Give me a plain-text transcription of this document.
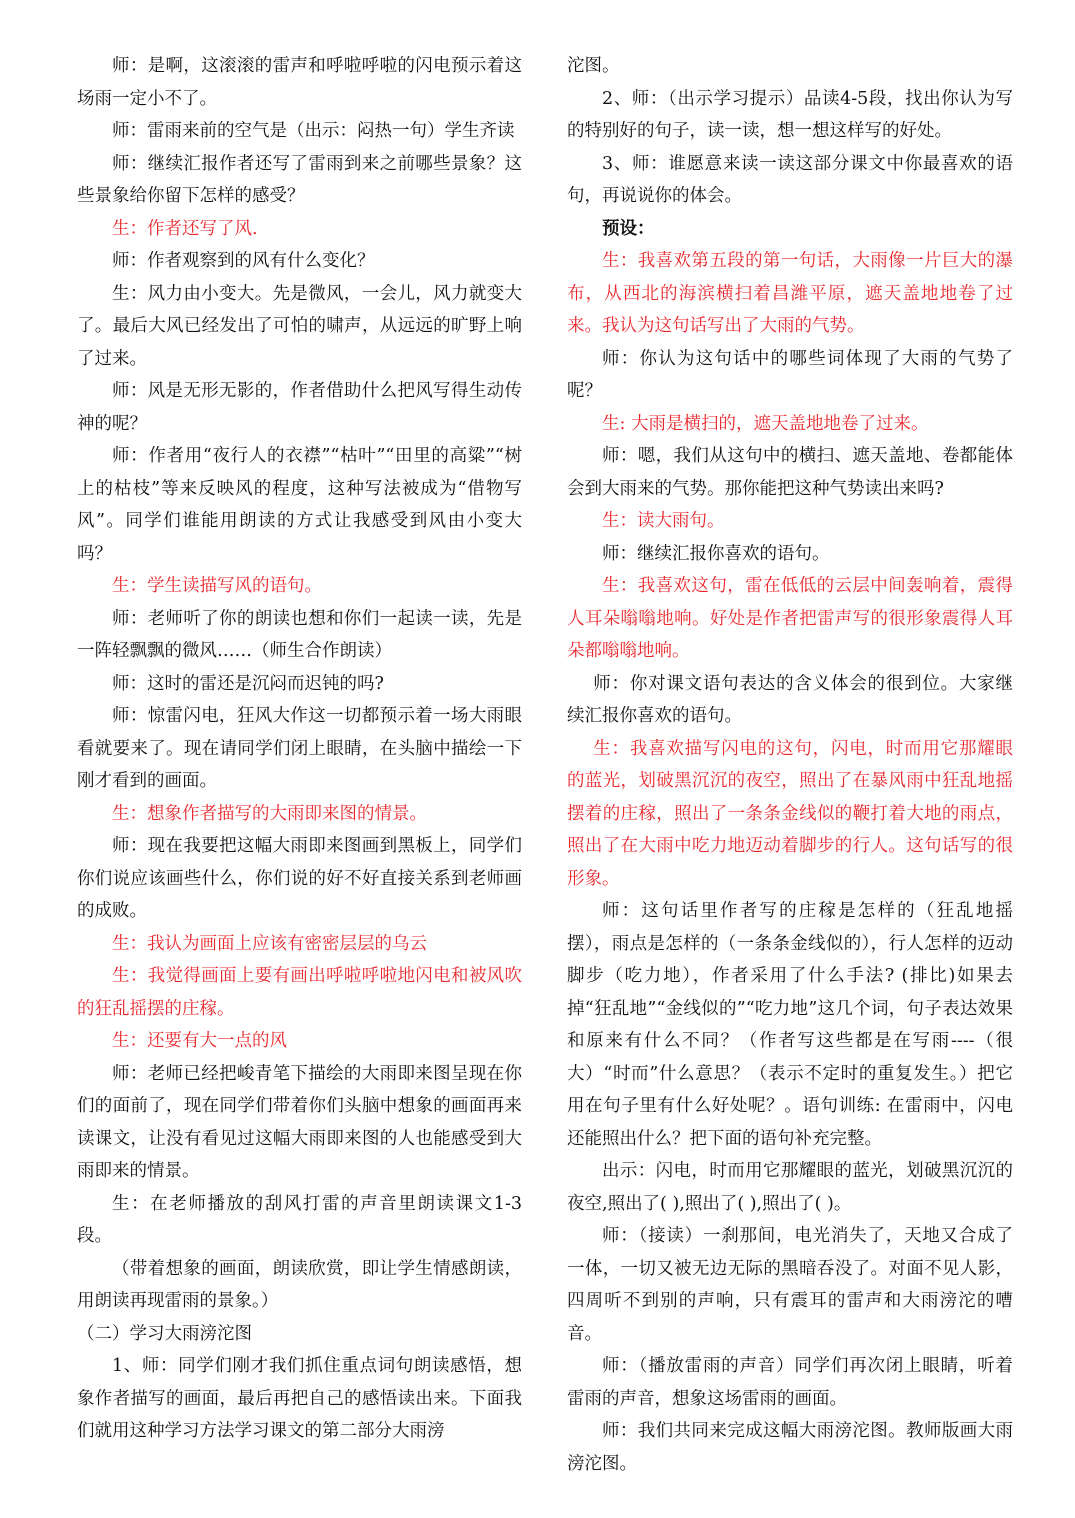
师：是啊，这滚滚的雷声和呼啦呼啦的闪电预示着这场雨一定小不了。

师：雷雨来前的空气是（出示：闷热一句）学生齐读

师：继续汇报作者还写了雷雨到来之前哪些景象？这些景象给你留下怎样的感受？

生：作者还写了风.

师：作者观察到的风有什么变化？

生：风力由小变大。先是微风，一会儿，风力就变大了。最后大风已经发出了可怕的啸声，从远远的旷野上响了过来。

师：风是无形无影的，作者借助什么把风写得生动传神的呢？

师：作者用“夜行人的衣襟”“枯叶”“田里的高粱”“树上的枯枝”等来反映风的程度，这种写法被成为“借物写风”。同学们谁能用朗读的方式让我感受到风由小变大吗？

生：学生读描写风的语句。

师：老师听了你的朗读也想和你们一起读一读，先是一阵轻飘飘的微风……（师生合作朗读）

师：这时的雷还是沉闷而迟钝的吗?

师：惊雷闪电，狂风大作这一切都预示着一场大雨眼看就要来了。现在请同学们闭上眼睛，在头脑中描绘一下刚才看到的画面。

生：想象作者描写的大雨即来图的情景。

师：现在我要把这幅大雨即来图画到黑板上，同学们你们说应该画些什么，你们说的好不好直接关系到老师画的成败。

生：我认为画面上应该有密密层层的乌云

生：我觉得画面上要有画出呼啦呼啦地闪电和被风吹的狂乱摇摆的庄稼。

生：还要有大一点的风

师：老师已经把峻青笔下描绘的大雨即来图呈现在你们的面前了，现在同学们带着你们头脑中想象的画面再来读课文，让没有看见过这幅大雨即来图的人也能感受到大雨即来的情景。

生：在老师播放的刮风打雷的声音里朗读课文1-3段。

（带着想象的画面，朗读欣赏，即让学生情感朗读，用朗读再现雷雨的景象。）

（二）学习大雨滂沱图

1、师：同学们刚才我们抓住重点词句朗读感悟，想象作者描写的画面，最后再把自己的感悟读出来。下面我们就用这种学习方法学习课文的第二部分大雨滂

沱图。

2、师：（出示学习提示）品读4-5段，找出你认为写的特别好的句子，读一读，想一想这样写的好处。

3、师：谁愿意来读一读这部分课文中你最喜欢的语句，再说说你的体会。

预设：

生：我喜欢第五段的第一句话，大雨像一片巨大的瀑布，从西北的海滨横扫着昌潍平原，遮天盖地地卷了过来。我认为这句话写出了大雨的气势。

师：你认为这句话中的哪些词体现了大雨的气势了呢？

生: 大雨是横扫的，遮天盖地地卷了过来。

师：嗯，我们从这句中的横扫、遮天盖地、卷都能体会到大雨来的气势。那你能把这种气势读出来吗?

生：读大雨句。

师：继续汇报你喜欢的语句。

生：我喜欢这句，雷在低低的云层中间轰响着，震得人耳朵嗡嗡地响。好处是作者把雷声写的很形象震得人耳朵都嗡嗡地响。

师：你对课文语句表达的含义体会的很到位。大家继续汇报你喜欢的语句。

生：我喜欢描写闪电的这句，闪电，时而用它那耀眼的蓝光，划破黑沉沉的夜空，照出了在暴风雨中狂乱地摇摆着的庄稼，照出了一条条金线似的鞭打着大地的雨点，照出了在大雨中吃力地迈动着脚步的行人。这句话写的很形象。

师：这句话里作者写的庄稼是怎样的（狂乱地摇摆），雨点是怎样的（一条条金线似的），行人怎样的迈动脚步（吃力地），作者采用了什么手法? (排比)如果去掉“狂乱地”“金线似的”“吃力地”这几个词，句子表达效果和原来有什么不同？（作者写这些都是在写雨----（很大）“时而”什么意思？（表示不定时的重复发生。）把它用在句子里有什么好处呢？。语句训练: 在雷雨中，闪电还能照出什么？把下面的语句补充完整。

出示：闪电，时而用它那耀眼的蓝光，划破黑沉沉的夜空,照出了( ),照出了( ),照出了( )。

师：（接读）一刹那间，电光消失了，天地又合成了一体，一切又被无边无际的黑暗吞没了。对面不见人影，四周听不到别的声响，只有震耳的雷声和大雨滂沱的嘈音。

师：（播放雷雨的声音）同学们再次闭上眼睛，听着雷雨的声音，想象这场雷雨的画面。

师：我们共同来完成这幅大雨滂沱图。教师版画大雨滂沱图。
